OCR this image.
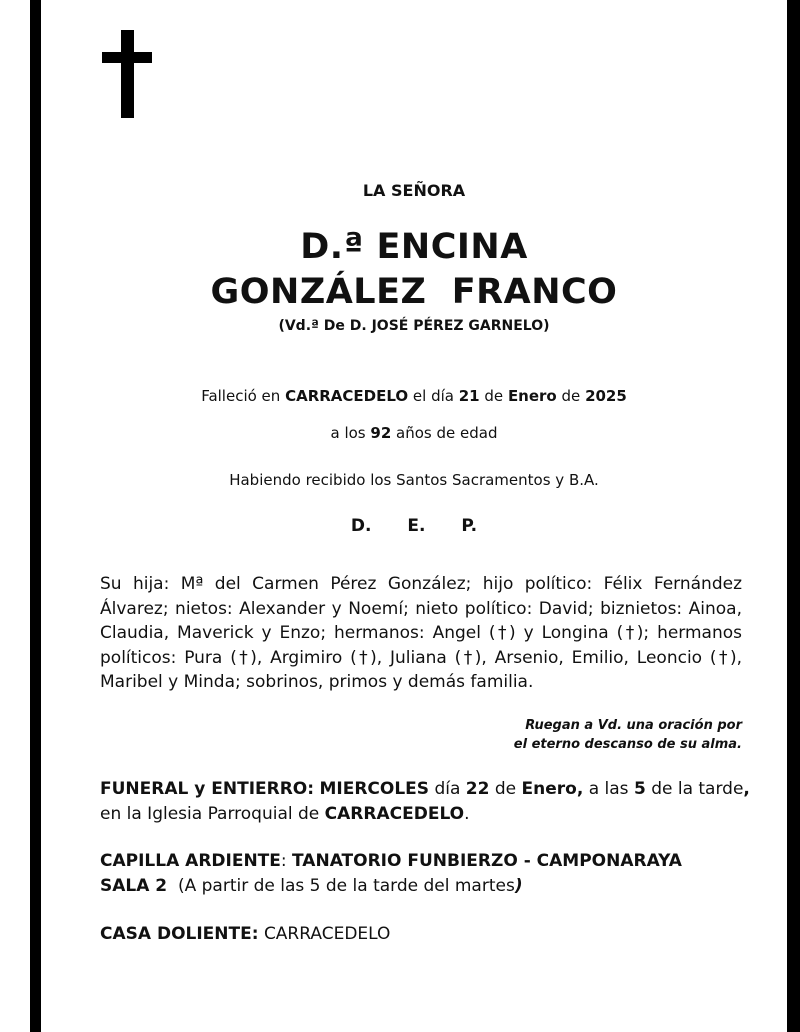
LA SEÑORA
D.ª ENCINA
GONZÁLEZ  FRANCO
(Vd.ª De D. JOSÉ PÉREZ GARNELO)
Falleció en CARRACEDELO el día 21 de Enero de 2025
a los 92 años de edad
Habiendo recibido los Santos Sacramentos y B.A.
D. E. P.
Su hija: Mª del Carmen Pérez González; hijo político: Félix Fernández Álvarez; nietos: Alexander y Noemí; nieto político: David; biznietos: Ainoa, Claudia, Maverick y Enzo; hermanos: Angel (†) y Longina (†); hermanos políticos: Pura (†), Argimiro (†), Juliana (†), Arsenio, Emilio, Leoncio (†), Maribel y Minda; sobrinos, primos y demás familia.
Ruegan a Vd. una oración por
el eterno descanso de su alma.
FUNERAL y ENTIERRO: MIERCOLES día 22 de Enero, a las 5 de la tarde,
en la Iglesia Parroquial de CARRACEDELO.
CAPILLA ARDIENTE: TANATORIO FUNBIERZO - CAMPONARAYA
SALA 2 (A partir de las 5 de la tarde del martes)
CASA DOLIENTE: CARRACEDELO
